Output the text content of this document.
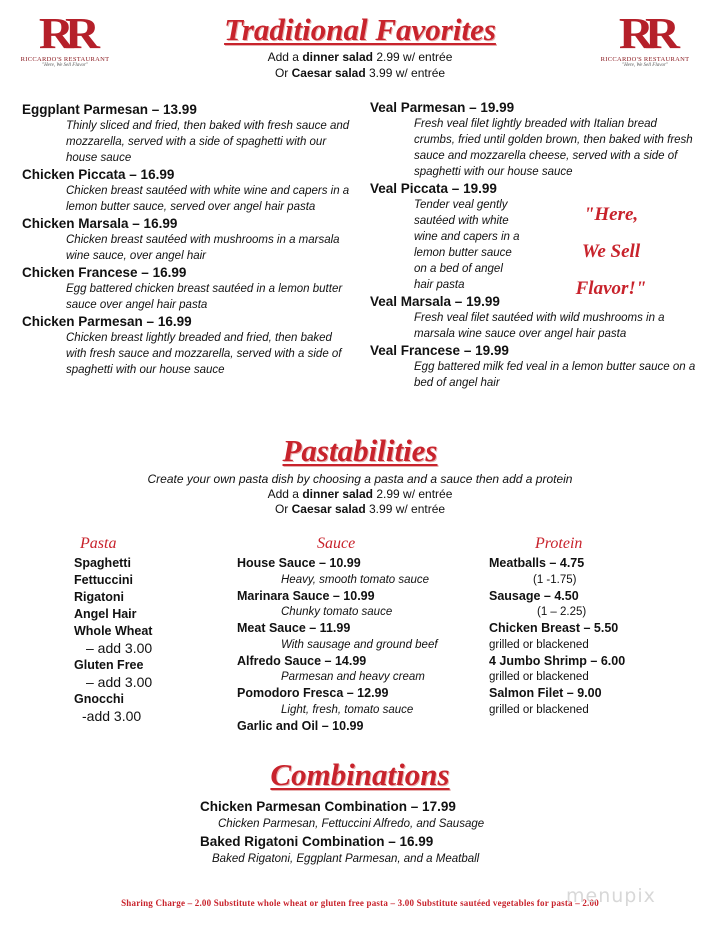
RR
RICCARDO'S RESTAURANT
"Here, We Sell Flavor"
RR
RICCARDO'S RESTAURANT
"Here, We Sell Flavor"
Traditional Favorites
Add a dinner salad 2.99 w/ entrée
Or Caesar salad 3.99 w/ entrée
Eggplant Parmesan – 13.99
Thinly sliced and fried, then baked with fresh sauce and mozzarella, served with a side of spaghetti with our house sauce
Chicken Piccata – 16.99
Chicken breast sautéed with white wine and capers in a lemon butter sauce, served over angel hair pasta
Chicken Marsala – 16.99
Chicken breast sautéed with mushrooms in a marsala wine sauce, over angel hair
Chicken Francese – 16.99
Egg battered chicken breast sautéed in a lemon butter sauce over angel hair pasta
Chicken Parmesan – 16.99
Chicken breast lightly breaded and fried, then baked with fresh sauce and mozzarella, served with a side of spaghetti with our house sauce
Veal Parmesan – 19.99
Fresh veal filet lightly breaded with Italian bread crumbs, fried until golden brown, then baked with fresh sauce and mozzarella cheese, served with a side of spaghetti with our house sauce
Veal Piccata – 19.99
Tender veal gently sautéed with white wine and capers in a lemon butter sauce on a bed of angel hair pasta
Veal Marsala – 19.99
Fresh veal filet sautéed with wild mushrooms in a marsala wine sauce over angel hair pasta
Veal Francese – 19.99
Egg battered milk fed veal in a lemon butter sauce on a bed of angel hair
"Here,
We Sell
Flavor!"
Pastabilities
Create your own pasta dish by choosing a pasta and a sauce then add a protein
Add a dinner salad 2.99 w/ entrée
Or Caesar salad 3.99 w/ entrée
Pasta
Spaghetti
Fettuccini
Rigatoni
Angel Hair
Whole Wheat
– add 3.00
Gluten Free
– add 3.00
Gnocchi
-add 3.00
Sauce
House Sauce – 10.99
Heavy, smooth tomato sauce
Marinara Sauce – 10.99
Chunky tomato sauce
Meat Sauce – 11.99
With sausage and ground beef
Alfredo Sauce – 14.99
Parmesan and heavy cream
Pomodoro Fresca – 12.99
Light, fresh, tomato sauce
Garlic and Oil – 10.99
Protein
Meatballs – 4.75
(1 -1.75)
Sausage – 4.50
(1 – 2.25)
Chicken Breast – 5.50
grilled or blackened
4 Jumbo Shrimp – 6.00
grilled or blackened
Salmon Filet – 9.00
grilled or blackened
Combinations
Chicken Parmesan Combination – 17.99
Chicken Parmesan, Fettuccini Alfredo, and Sausage
Baked Rigatoni Combination – 16.99
Baked Rigatoni, Eggplant Parmesan, and a Meatball
Sharing Charge – 2.00 Substitute whole wheat or gluten free pasta – 3.00 Substitute sautéed vegetables for pasta – 2.00
menupix
